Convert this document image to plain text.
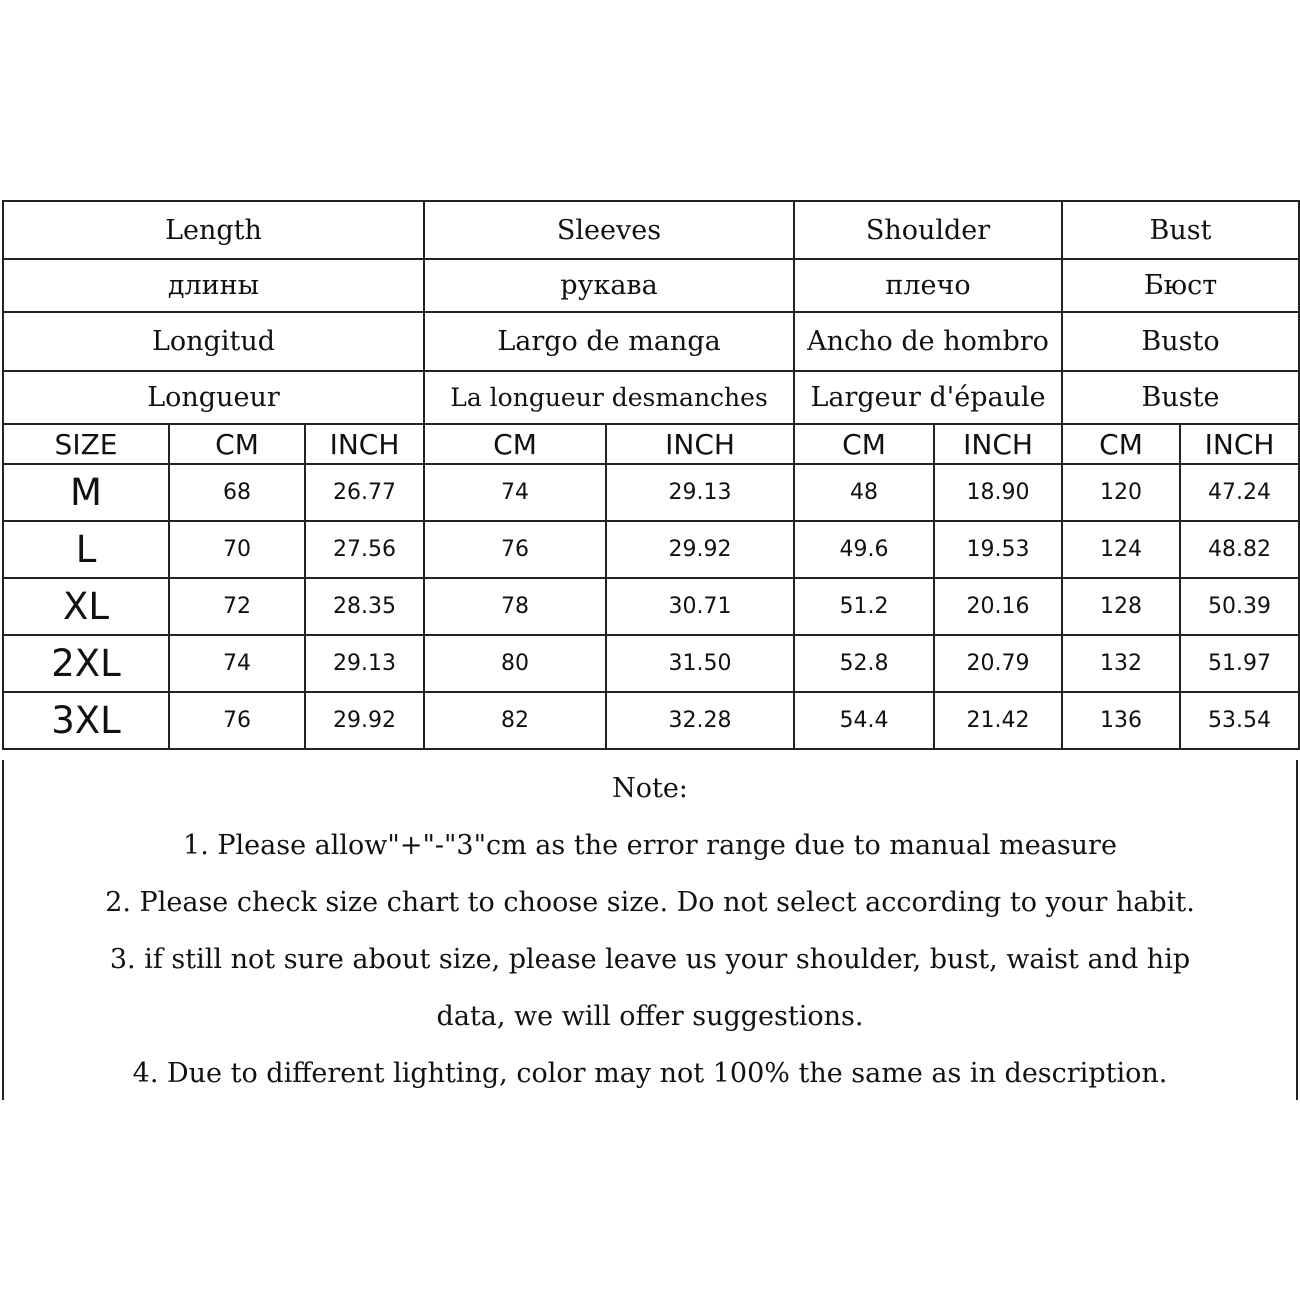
Length			Sleeves		Shoulder		Bust	
длины			рукава		плечо		Бюст	
Longitud			Largo de manga		Ancho de hombro		Busto	
Longueur			La longueur desmanches		Largeur d'épaule		Buste	
SIZE	CM	INCH	CM	INCH	CM	INCH	CM	INCH
M	68	26.77	74	29.13	48	18.90	120	47.24
L	70	27.56	76	29.92	49.6	19.53	124	48.82
XL	72	28.35	78	30.71	51.2	20.16	128	50.39
2XL	74	29.13	80	31.50	52.8	20.79	132	51.97
3XL	76	29.92	82	32.28	54.4	21.42	136	53.54
Note:
1. Please allow"+"-"3"cm as the error range due to manual measure
2. Please check size chart to choose size. Do not select according to your habit.
3. if still not sure about size, please leave us your shoulder, bust, waist and hip
data, we will offer suggestions.
4. Due to different lighting, color may not 100% the same as in description.
